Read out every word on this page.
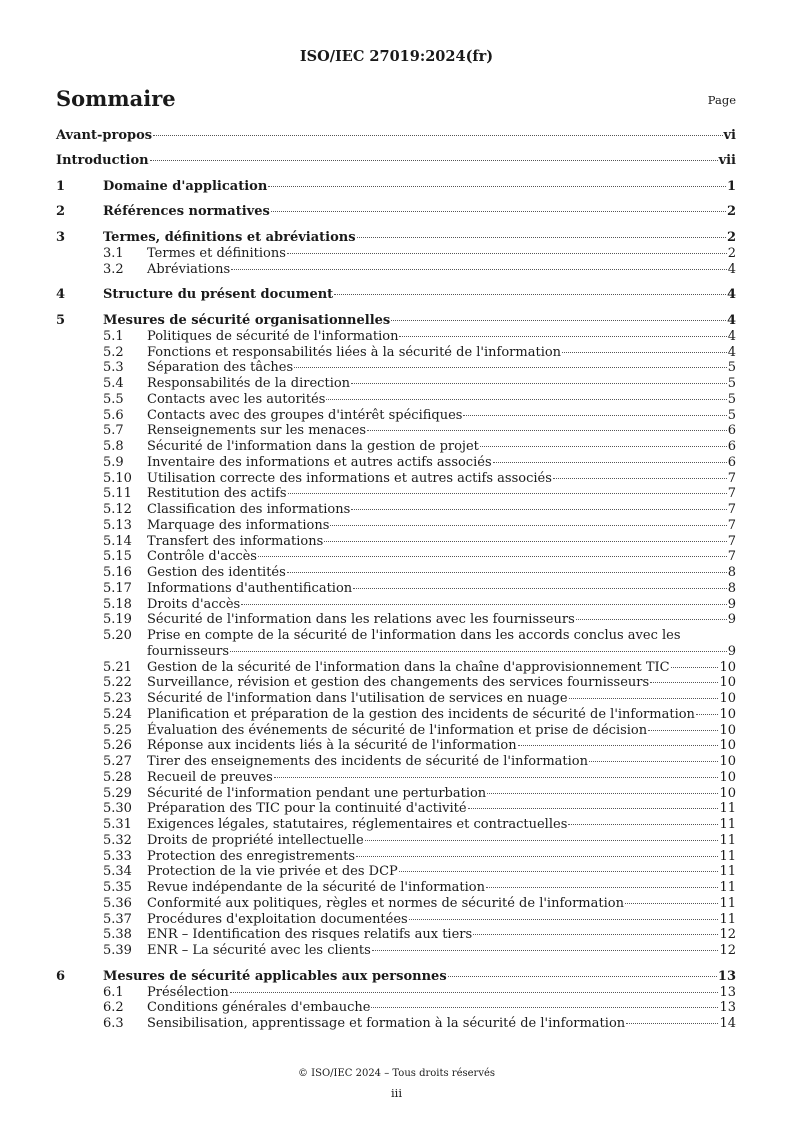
ISO/IEC 27019:2024(fr)
Sommaire	Page
Avant-propos	vi
Introduction	vii
1	Domaine d'application	1
2	Références normatives	2
3	Termes, définitions et abréviations	2
3.1	Termes et définitions	2
3.2	Abréviations	4
4	Structure du présent document	4
5	Mesures de sécurité organisationnelles	4
5.1	Politiques de sécurité de l'information	4
5.2	Fonctions et responsabilités liées à la sécurité de l'information	4
5.3	Séparation des tâches	5
5.4	Responsabilités de la direction	5
5.5	Contacts avec les autorités	5
5.6	Contacts avec des groupes d'intérêt spécifiques	5
5.7	Renseignements sur les menaces	6
5.8	Sécurité de l'information dans la gestion de projet	6
5.9	Inventaire des informations et autres actifs associés	6
5.10	Utilisation correcte des informations et autres actifs associés	7
5.11	Restitution des actifs	7
5.12	Classification des informations	7
5.13	Marquage des informations	7
5.14	Transfert des informations	7
5.15	Contrôle d'accès	7
5.16	Gestion des identités	8
5.17	Informations d'authentification	8
5.18	Droits d'accès	9
5.19	Sécurité de l'information dans les relations avec les fournisseurs	9
5.20	Prise en compte de la sécurité de l'information dans les accords conclus avec les
fournisseurs	9
5.21	Gestion de la sécurité de l'information dans la chaîne d'approvisionnement TIC	10
5.22	Surveillance, révision et gestion des changements des services fournisseurs	10
5.23	Sécurité de l'information dans l'utilisation de services en nuage	10
5.24	Planification et préparation de la gestion des incidents de sécurité de l'information 10
5.25	Évaluation des événements de sécurité de l'information et prise de décision	10
5.26	Réponse aux incidents liés à la sécurité de l'information	10
5.27	Tirer des enseignements des incidents de sécurité de l'information	10
5.28	Recueil de preuves	10
5.29	Sécurité de l'information pendant une perturbation	10
5.30	Préparation des TIC pour la continuité d'activité	11
5.31	Exigences légales, statutaires, réglementaires et contractuelles	11
5.32	Droits de propriété intellectuelle	11
5.33	Protection des enregistrements	11
5.34	Protection de la vie privée et des DCP	11
5.35	Revue indépendante de la sécurité de l'information	11
5.36	Conformité aux politiques, règles et normes de sécurité de l'information	11
5.37	Procédures d'exploitation documentées	11
5.38	ENR – Identification des risques relatifs aux tiers	12
5.39	ENR – La sécurité avec les clients	12
6	Mesures de sécurité applicables aux personnes	13
6.1	Présélection	13
6.2	Conditions générales d'embauche	13
6.3	Sensibilisation, apprentissage et formation à la sécurité de l'information	14
© ISO/IEC 2024 – Tous droits réservés
iii
